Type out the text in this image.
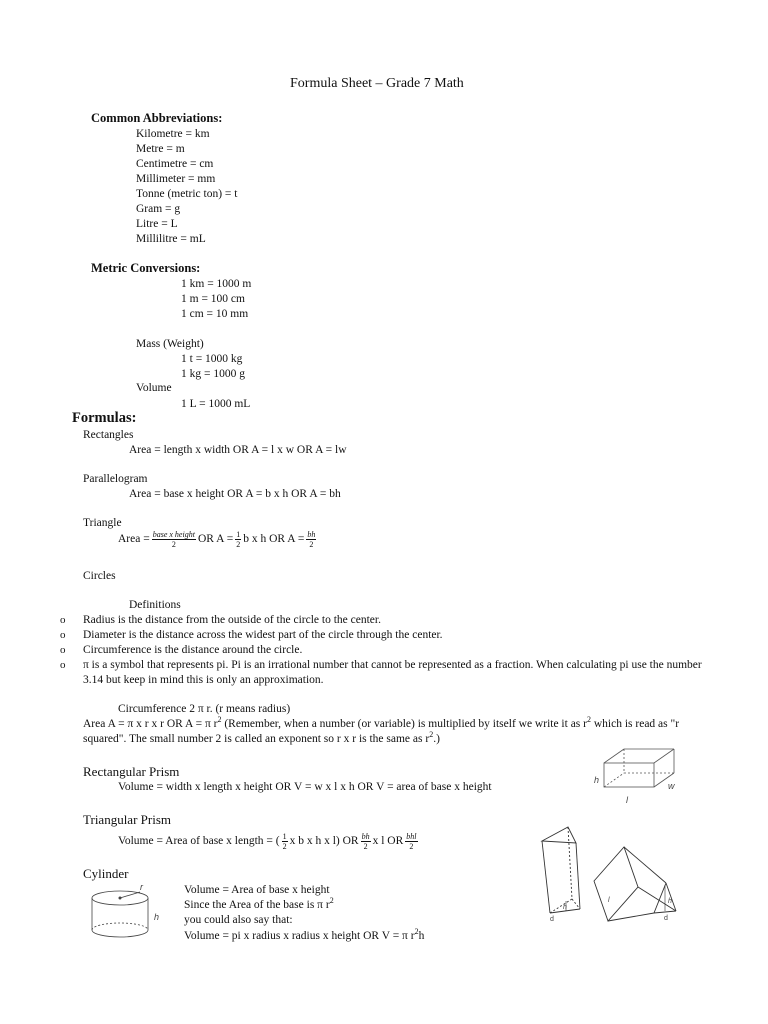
Formula Sheet – Grade 7 Math
Common Abbreviations:
Kilometre = km
Metre = m
Centimetre = cm
Millimeter = mm
Tonne (metric ton) = t
Gram = g
Litre = L
Millilitre = mL
Metric Conversions:
1 km = 1000 m
1 m = 100 cm
1 cm = 10 mm
Mass (Weight)
1 t = 1000 kg
1 kg = 1000 g
Volume
1 L = 1000 mL
Formulas:
Rectangles
Area = length x width OR A = l x w OR A = lw
Parallelogram
Area = base x height OR A = b x h OR A = bh
Triangle
Area = $\frac{\text{base x height}}{2}$ OR $A = \frac{1}{2}$ b x h OR $A = \frac{bh}{2}$
Circles
Definitions
o Radius is the distance from the outside of the circle to the center.
o Diameter is the distance across the widest part of the circle through the center.
o Circumference is the distance around the circle.
o π is a symbol that represents pi. Pi is an irrational number that cannot be represented as a fraction. When calculating pi use the number 3.14 but keep in mind this is only an approximation.
Circumference 2 π r. (r means radius)
Area A = π x r x r OR A = π $r^2$ (Remember, when a number (or variable) is multiplied by itself we write it as $r^2$ which is read as "r squared". The small number 2 is called an exponent so r x r is the same as $r^2$.)
Rectangular Prism
Volume = width x length x height OR V = w x l x h OR V = area of base x height
h
w
l
Triangular Prism
Volume = Area of base x length = ( $\frac{1}{2}$ x b x h x l) OR $\frac{bh}{2}$ x l OR $\frac{\text{bhl}}{2}$
d
h
l	h
d
Cylinder
Volume = Area of base x height
Since the Area of the base is π $r^2$
you could also say that:
Volume = pi x radius x radius x height OR V = π $r^2h$
r
h
